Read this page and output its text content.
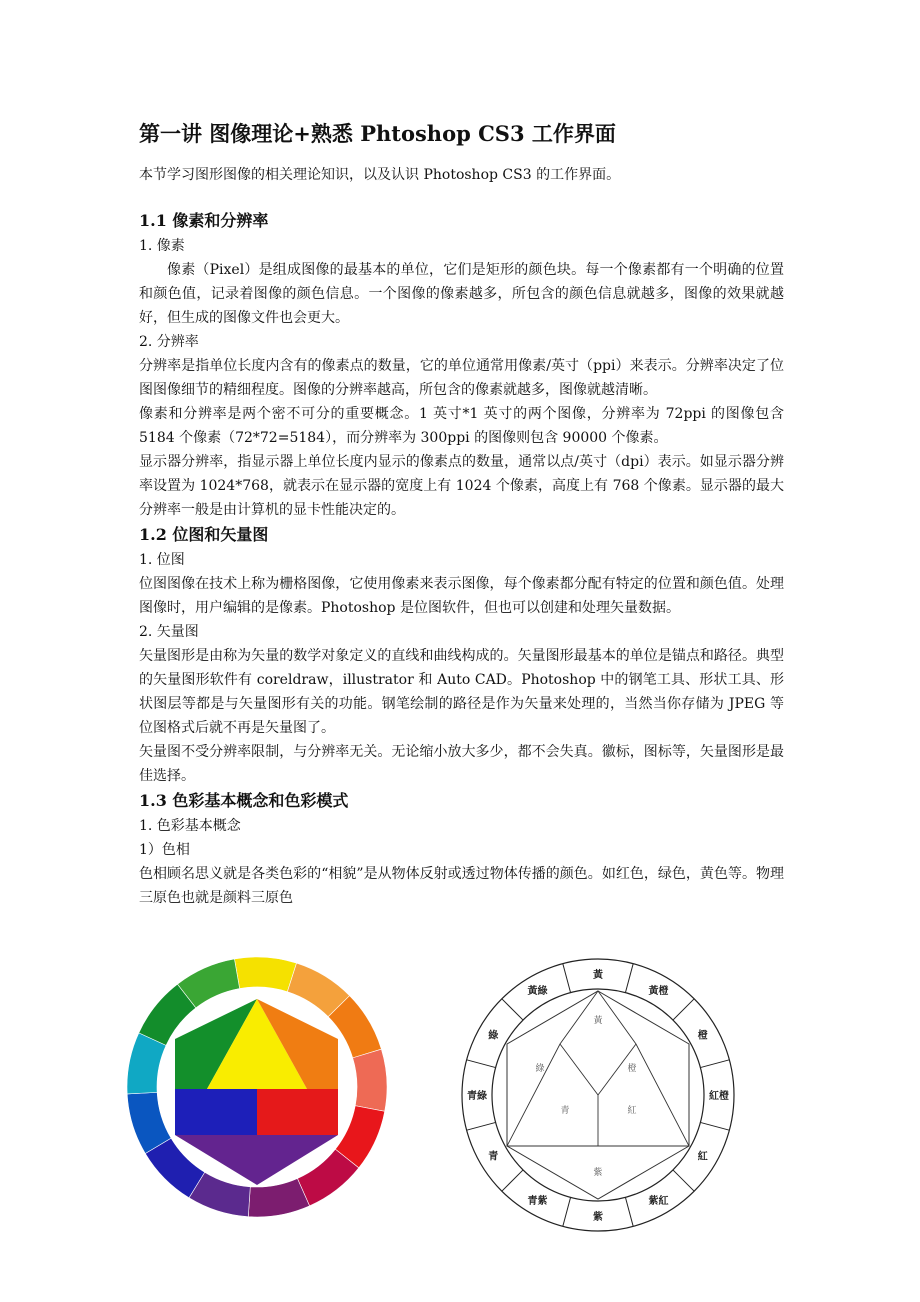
第一讲 图像理论+熟悉 Phtoshop CS3 工作界面
本节学习图形图像的相关理论知识，以及认识 Photoshop CS3 的工作界面。
1.1 像素和分辨率

1. 像素

像素（Pixel）是组成图像的最基本的单位，它们是矩形的颜色块。每一个像素都有一个明确的位置和颜色值，记录着图像的颜色信息。一个图像的像素越多，所包含的颜色信息就越多，图像的效果就越好，但生成的图像文件也会更大。

2. 分辨率

分辨率是指单位长度内含有的像素点的数量，它的单位通常用像素/英寸（ppi）来表示。分辨率决定了位图图像细节的精细程度。图像的分辨率越高，所包含的像素就越多，图像就越清晰。

像素和分辨率是两个密不可分的重要概念。1 英寸*1 英寸的两个图像，分辨率为 72ppi 的图像包含 5184 个像素（72*72=5184），而分辨率为 300ppi 的图像则包含 90000 个像素。

显示器分辨率，指显示器上单位长度内显示的像素点的数量，通常以点/英寸（dpi）表示。如显示器分辨率设置为 1024*768，就表示在显示器的宽度上有 1024 个像素，高度上有 768 个像素。显示器的最大分辨率一般是由计算机的显卡性能决定的。

1.2 位图和矢量图

1. 位图

位图图像在技术上称为栅格图像，它使用像素来表示图像，每个像素都分配有特定的位置和颜色值。处理图像时，用户编辑的是像素。Photoshop 是位图软件，但也可以创建和处理矢量数据。

2. 矢量图

矢量图形是由称为矢量的数学对象定义的直线和曲线构成的。矢量图形最基本的单位是锚点和路径。典型的矢量图形软件有 coreldraw，illustrator 和 Auto CAD。Photoshop 中的钢笔工具、形状工具、形状图层等都是与矢量图形有关的功能。钢笔绘制的路径是作为矢量来处理的，当然当你存储为 JPEG 等位图格式后就不再是矢量图了。

矢量图不受分辨率限制，与分辨率无关。无论缩小放大多少，都不会失真。徽标，图标等，矢量图形是最佳选择。

1.3 色彩基本概念和色彩模式

1. 色彩基本概念

1）色相

色相顾名思义就是各类色彩的“相貌”是从物体反射或透过物体传播的颜色。如红色，绿色，黄色等。物理三原色也就是颜料三原色

黃
黃橙
橙
紅橙
紅
紫紅
紫
青紫
青
青綠
綠
黃綠
黃
橙
紅
紫
青
綠
